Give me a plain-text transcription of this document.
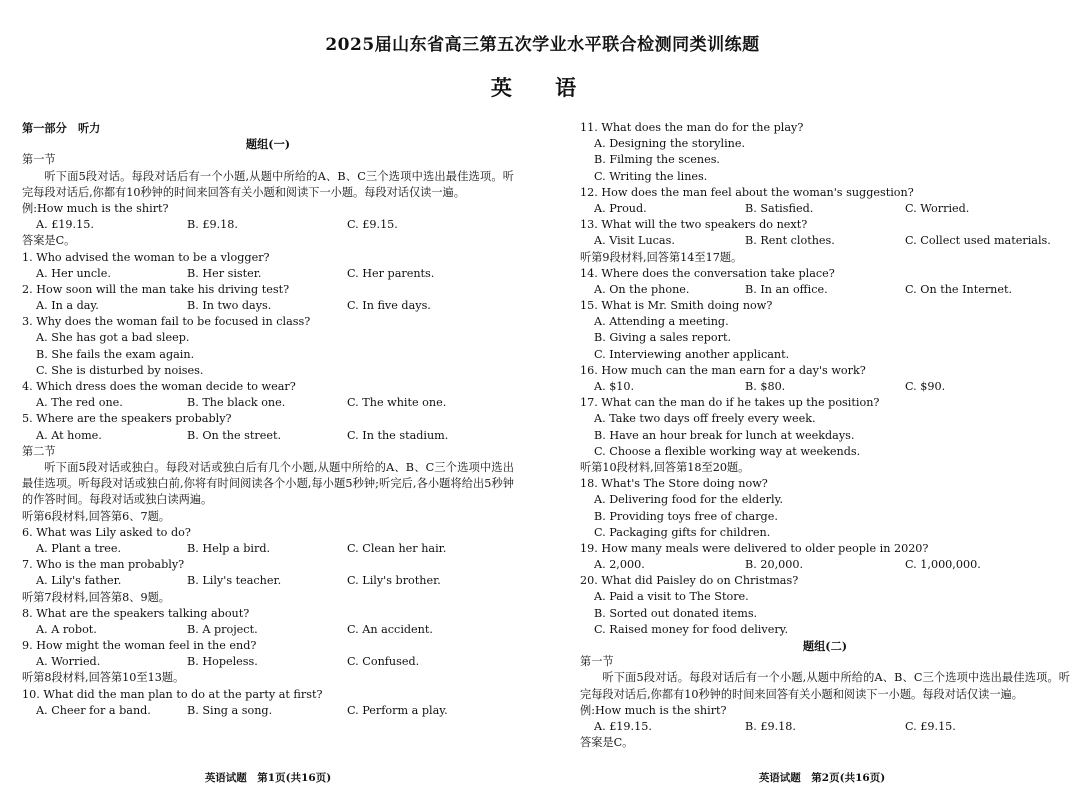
2025届山东省高三第五次学业水平联合检测同类训练题
英 语
第一部分　听力
题组(一)
第一节
听下面5段对话。每段对话后有一个小题,从题中所给的A、B、C三个选项中选出最佳选项。听完每段对话后,你都有10秒钟的时间来回答有关小题和阅读下一小题。每段对话仅读一遍。
例:How much is the shirt?
A. £19.15.	B. £9.18.	C. £9.15.
答案是C。
1. Who advised the woman to be a vlogger?
A. Her uncle.	B. Her sister.	C. Her parents.
2. How soon will the man take his driving test?
A. In a day.	B. In two days.	C. In five days.
3. Why does the woman fail to be focused in class?
A. She has got a bad sleep.
B. She fails the exam again.
C. She is disturbed by noises.
4. Which dress does the woman decide to wear?
A. The red one.	B. The black one.	C. The white one.
5. Where are the speakers probably?
A. At home.	B. On the street.	C. In the stadium.
第二节
听下面5段对话或独白。每段对话或独白后有几个小题,从题中所给的A、B、C三个选项中选出最佳选项。听每段对话或独白前,你将有时间阅读各个小题,每小题5秒钟;听完后,各小题将给出5秒钟的作答时间。每段对话或独白读两遍。
听第6段材料,回答第6、7题。
6. What was Lily asked to do?
A. Plant a tree.	B. Help a bird.	C. Clean her hair.
7. Who is the man probably?
A. Lily's father.	B. Lily's teacher.	C. Lily's brother.
听第7段材料,回答第8、9题。
8. What are the speakers talking about?
A. A robot.	B. A project.	C. An accident.
9. How might the woman feel in the end?
A. Worried.	B. Hopeless.	C. Confused.
听第8段材料,回答第10至13题。
10. What did the man plan to do at the party at first?
A. Cheer for a band.	B. Sing a song.	C. Perform a play.
11. What does the man do for the play?
A. Designing the storyline.
B. Filming the scenes.
C. Writing the lines.
12. How does the man feel about the woman's suggestion?
A. Proud.	B. Satisfied.	C. Worried.
13. What will the two speakers do next?
A. Visit Lucas.	B. Rent clothes.	C. Collect used materials.
听第9段材料,回答第14至17题。
14. Where does the conversation take place?
A. On the phone.	B. In an office.	C. On the Internet.
15. What is Mr. Smith doing now?
A. Attending a meeting.
B. Giving a sales report.
C. Interviewing another applicant.
16. How much can the man earn for a day's work?
A. $10.	B. $80.	C. $90.
17. What can the man do if he takes up the position?
A. Take two days off freely every week.
B. Have an hour break for lunch at weekdays.
C. Choose a flexible working way at weekends.
听第10段材料,回答第18至20题。
18. What's The Store doing now?
A. Delivering food for the elderly.
B. Providing toys free of charge.
C. Packaging gifts for children.
19. How many meals were delivered to older people in 2020?
A. 2,000.	B. 20,000.	C. 1,000,000.
20. What did Paisley do on Christmas?
A. Paid a visit to The Store.
B. Sorted out donated items.
C. Raised money for food delivery.
题组(二)
第一节
听下面5段对话。每段对话后有一个小题,从题中所给的A、B、C三个选项中选出最佳选项。听完每段对话后,你都有10秒钟的时间来回答有关小题和阅读下一小题。每段对话仅读一遍。
例:How much is the shirt?
A. £19.15.	B. £9.18.	C. £9.15.
答案是C。
英语试题　第1页(共16页)	英语试题　第2页(共16页)
